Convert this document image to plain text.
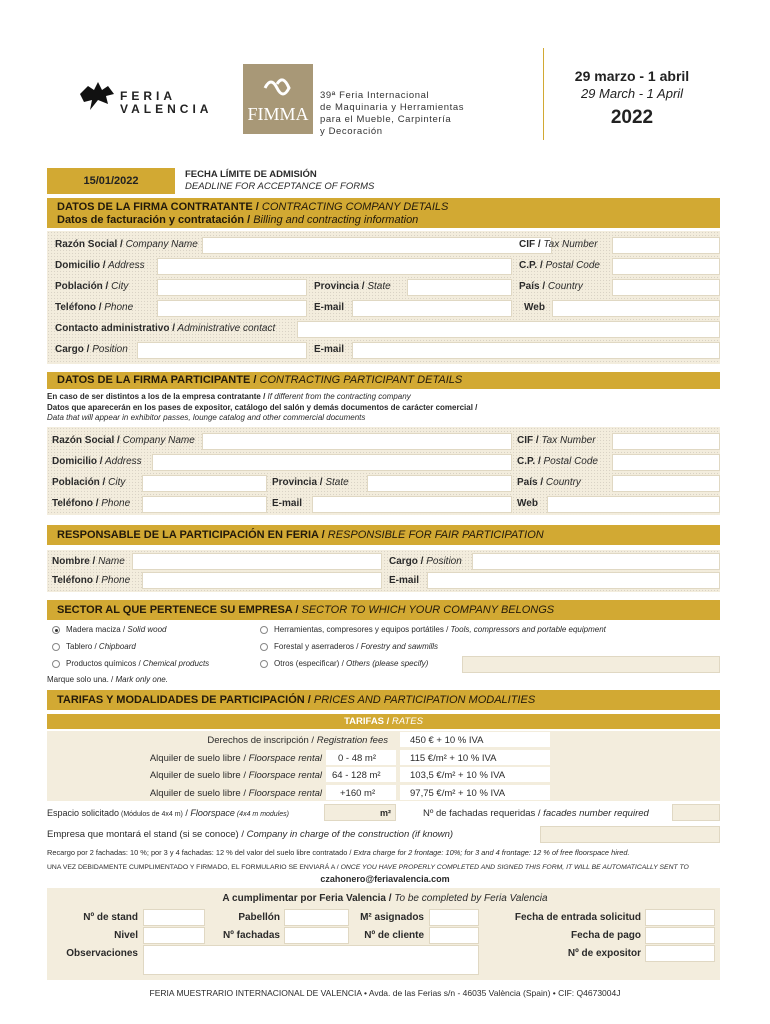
FERIA
VALENCIA FIMMA
39ª Feria Internacional
de Maquinaria y Herramientas
para el Mueble, Carpintería
y Decoración
29 marzo - 1 abril
29 March - 1 April
2022
15/01/2022
FECHA LÍMITE DE ADMISIÓN
DEADLINE FOR ACCEPTANCE OF FORMS
DATOS DE LA FIRMA CONTRATANTE / CONTRACTING COMPANY DETAILS
Datos de facturación y contratación / Billing and contracting information
Razón Social / Company Name	CIF / Tax Number
Domicilio / Address	C.P. / Postal Code
Población / City	Provincia / State	País / Country
Teléfono / Phone	E-mail	Web
Contacto administrativo / Administrative contact
Cargo / Position	E-mail
DATOS DE LA FIRMA PARTICIPANTE / CONTRACTING PARTICIPANT DETAILS
En caso de ser distintos a los de la empresa contratante / If different from the contracting company
Datos que aparecerán en los pases de expositor, catálogo del salón y demás documentos de carácter comercial /
Data that will appear in exhibitor passes, lounge catalog and other commercial documents
Razón Social / Company Name	CIF / Tax Number
Domicilio / Address	C.P. / Postal Code
Población / City	Provincia / State	País / Country
Teléfono / Phone	E-mail	Web
RESPONSABLE DE LA PARTICIPACIÓN EN FERIA / RESPONSIBLE FOR FAIR PARTICIPATION
Nombre / Name	Cargo / Position
Teléfono / Phone	E-mail
SECTOR AL QUE PERTENECE SU EMPRESA / SECTOR TO WHICH YOUR COMPANY BELONGS
Madera maciza / Solid wood	Herramientas, compresores y equipos portátiles / Tools, compressors and portable equipment
Tablero / Chipboard	Forestal y aserraderos / Forestry and sawmills
Productos químicos / Chemical products	Otros (especificar) / Others (please specify)
Marque solo una. / Mark only one.
TARIFAS Y MODALIDADES DE PARTICIPACIÓN / PRICES AND PARTICIPATION MODALITIES
TARIFAS / RATES
Derechos de inscripción / Registration fees 450 € + 10 % IVA
Alquiler de suelo libre / Floorspace rental 0 - 48 m²	115 €/m² + 10 % IVA
Alquiler de suelo libre / Floorspace rental 64 - 128 m²	103,5 €/m² + 10 % IVA
Alquiler de suelo libre / Floorspace rental +160 m²	97,75 €/m² + 10 % IVA
Espacio solicitado (Módulos de 4x4 m) / Floorspace (4x4 m modules)	m²	Nº de fachadas requeridas / facades number required
Empresa que montará el stand (si se conoce) / Company in charge of the construction (if known)
Recargo por 2 fachadas: 10 %; por 3 y 4 fachadas: 12 % del valor del suelo libre contratado / Extra charge for 2 frontage: 10%; for 3 and 4 frontage: 12 % of free floorspace hired.
UNA VEZ DEBIDAMENTE CUMPLIMENTADO Y FIRMADO, EL FORMULARIO SE ENVIARÁ A / ONCE YOU HAVE PROPERLY COMPLETED AND SIGNED THIS FORM, IT WILL BE AUTOMATICALLY SENT TO
czahonero@feriavalencia.com
A cumplimentar por Feria Valencia / To be completed by Feria Valencia
Nº de stand	Pabellón	M² asignados	Fecha de entrada solicitud
Nivel	Nº fachadas	Nº de cliente	Fecha de pago
Observaciones	Nº de expositor
FERIA MUESTRARIO INTERNACIONAL DE VALENCIA • Avda. de las Ferias s/n - 46035 València (Spain) • CIF: Q4673004J
